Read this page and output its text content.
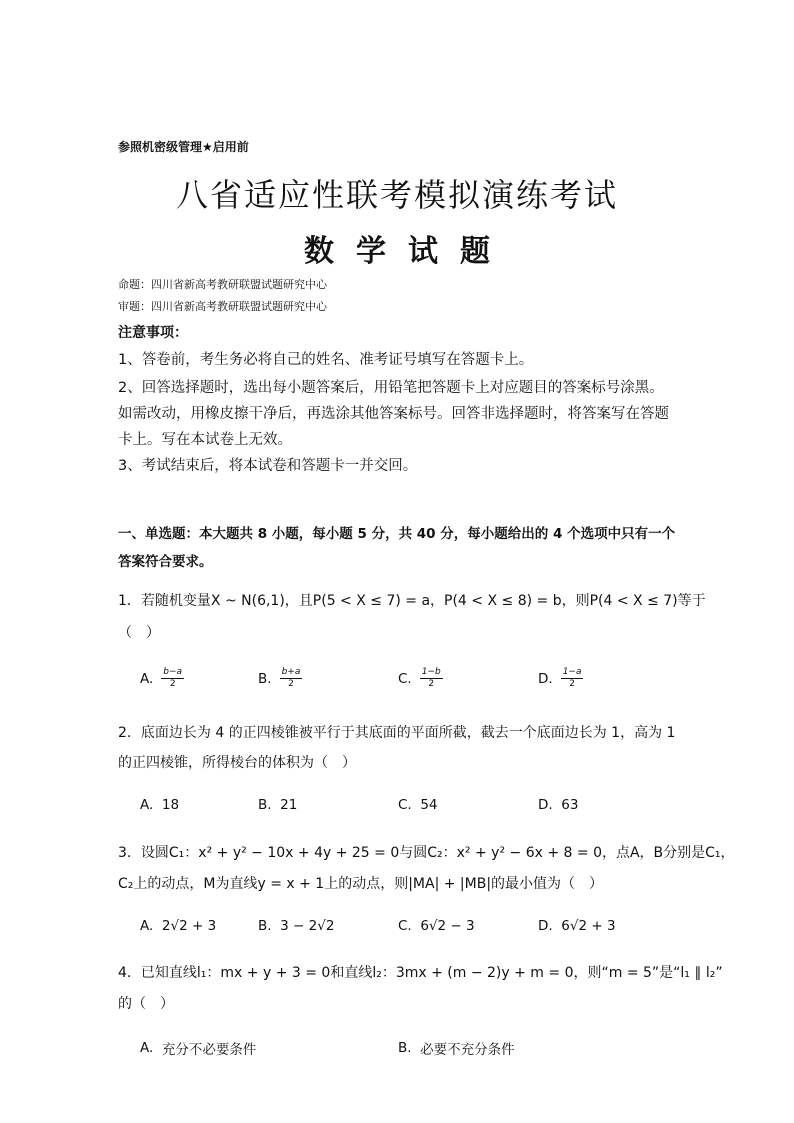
参照机密级管理★启用前
八省适应性联考模拟演练考试
数学试题
命题：四川省新高考教研联盟试题研究中心
审题：四川省新高考教研联盟试题研究中心
注意事项：
1、答卷前，考生务必将自己的姓名、准考证号填写在答题卡上。
2、回答选择题时，选出每小题答案后，用铅笔把答题卡上对应题目的答案标号涂黑。
如需改动，用橡皮擦干净后，再选涂其他答案标号。回答非选择题时，将答案写在答题
卡上。写在本试卷上无效。
3、考试结束后，将本试卷和答题卡一并交回。
一、单选题：本大题共 8 小题，每小题 5 分，共 40 分，每小题给出的 4 个选项中只有一个
答案符合要求。
1．若随机变量X ~ N(6,1)，且P(5 < X ≤ 7) = a，P(4 < X ≤ 8) = b，则P(4 < X ≤ 7)等于
（　）
A. $\frac{b-a}{2}$	B. $\frac{b+a}{2}$	C. $\frac{1-b}{2}$	D. $\frac{1-a}{2}$
2．底面边长为 4 的正四棱锥被平行于其底面的平面所截，截去一个底面边长为 1，高为 1
的正四棱锥，所得棱台的体积为（　）
A.
18	B.
21	C.
54	D.
63
3．设圆C₁：x² + y² − 10x + 4y + 25 = 0与圆C₂：x² + y² − 6x + 8 = 0，点A，B分别是C₁，
C₂上的动点，M为直线y = x + 1上的动点，则|MA| + |MB|的最小值为（　）
A.
2√2 + 3	B.
3 − 2√2	C.
6√2 − 3	D.
6√2 + 3
4．已知直线l₁：mx + y + 3 = 0和直线l₂：3mx + (m − 2)y + m = 0，则“m = 5”是“l₁ ∥ l₂”
的（　）
A.
充分不必要条件	B.
必要不充分条件
